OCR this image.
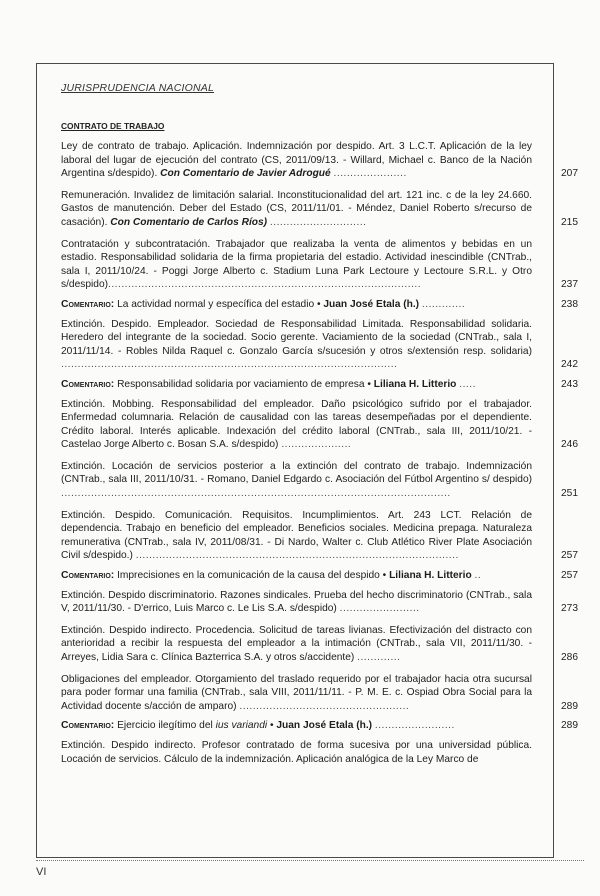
JURISPRUDENCIA NACIONAL
CONTRATO DE TRABAJO
Ley de contrato de trabajo. Aplicación. Indemnización por despido. Art. 3 L.C.T. Aplicación de la ley laboral del lugar de ejecución del contrato (CS, 2011/09/13. - Willard, Michael c. Banco de la Nación Argentina s/despido). Con Comentario de Javier Adrogué ......................	207
Remuneración. Invalidez de limitación salarial. Inconstitucionalidad del art. 121 inc. c de la ley 24.660. Gastos de manutención. Deber del Estado (CS, 2011/11/01. - Méndez, Daniel Roberto s/recurso de casación). Con Comentario de Carlos Ríos) .............................	215
Contratación y subcontratación. Trabajador que realizaba la venta de alimentos y bebidas en un estadio. Responsabilidad solidaria de la firma propietaria del estadio. Actividad inescindible (CNTrab., sala I, 2011/10/24. - Poggi Jorge Alberto c. Stadium Luna Park Lectoure y Lectoure S.R.L. y Otro s/despido)..............................................................................................	237
Comentario: La actividad normal y específica del estadio • Juan José Etala (h.) .............	238
Extinción. Despido. Empleador. Sociedad de Responsabilidad Limitada. Responsabilidad solidaria. Heredero del integrante de la sociedad. Socio gerente. Vaciamiento de la sociedad (CNTrab., sala I, 2011/11/14. - Robles Nilda Raquel c. Gonzalo García s/sucesión y otros s/extensión resp. solidaria) .....................................................................................................	242
Comentario: Responsabilidad solidaria por vaciamiento de empresa • Liliana H. Litterio .....	243
Extinción. Mobbing. Responsabilidad del empleador. Daño psicológico sufrido por el trabajador. Enfermedad columnaria. Relación de causalidad con las tareas desempeñadas por el dependiente. Crédito laboral. Interés aplicable. Indexación del crédito laboral (CNTrab., sala III, 2011/10/21. - Castelao Jorge Alberto c. Bosan S.A. s/despido) .....................	246
Extinción. Locación de servicios posterior a la extinción del contrato de trabajo. Indemnización (CNTrab., sala III, 2011/10/31. - Romano, Daniel Edgardo c. Asociación del Fútbol Argentino s/ despido) .....................................................................................................................	251
Extinción. Despido. Comunicación. Requisitos. Incumplimientos. Art. 243 LCT. Relación de dependencia. Trabajo en beneficio del empleador. Beneficios sociales. Medicina prepaga. Naturaleza remunerativa (CNTrab., sala IV, 2011/08/31. - Di Nardo, Walter c. Club Atlético River Plate Asociación Civil s/despido.) .................................................................................................	257
Comentario: Imprecisiones en la comunicación de la causa del despido • Liliana H. Litterio ..	257
Extinción. Despido discriminatorio. Razones sindicales. Prueba del hecho discriminatorio (CNTrab., sala V, 2011/11/30. - D'errico, Luis Marco c. Le Lis S.A. s/despido) ........................	273
Extinción. Despido indirecto. Procedencia. Solicitud de tareas livianas. Efectivización del distracto con anterioridad a recibir la respuesta del empleador a la intimación (CNTrab., sala VII, 2011/11/30. - Arreyes, Lidia Sara c. Clínica Bazterrica S.A. y otros s/accidente) .............	286
Obligaciones del empleador. Otorgamiento del traslado requerido por el trabajador hacia otra sucursal para poder formar una familia (CNTrab., sala VIII, 2011/11/11. - P. M. E. c. Ospiad Obra Social para la Actividad docente s/acción de amparo) ...................................................	289
Comentario: Ejercicio ilegítimo del ius variandi • Juan José Etala (h.) ........................	289
Extinción. Despido indirecto. Profesor contratado de forma sucesiva por una universidad pública. Locación de servicios. Cálculo de la indemnización. Aplicación analógica de la Ley Marco de
VI
